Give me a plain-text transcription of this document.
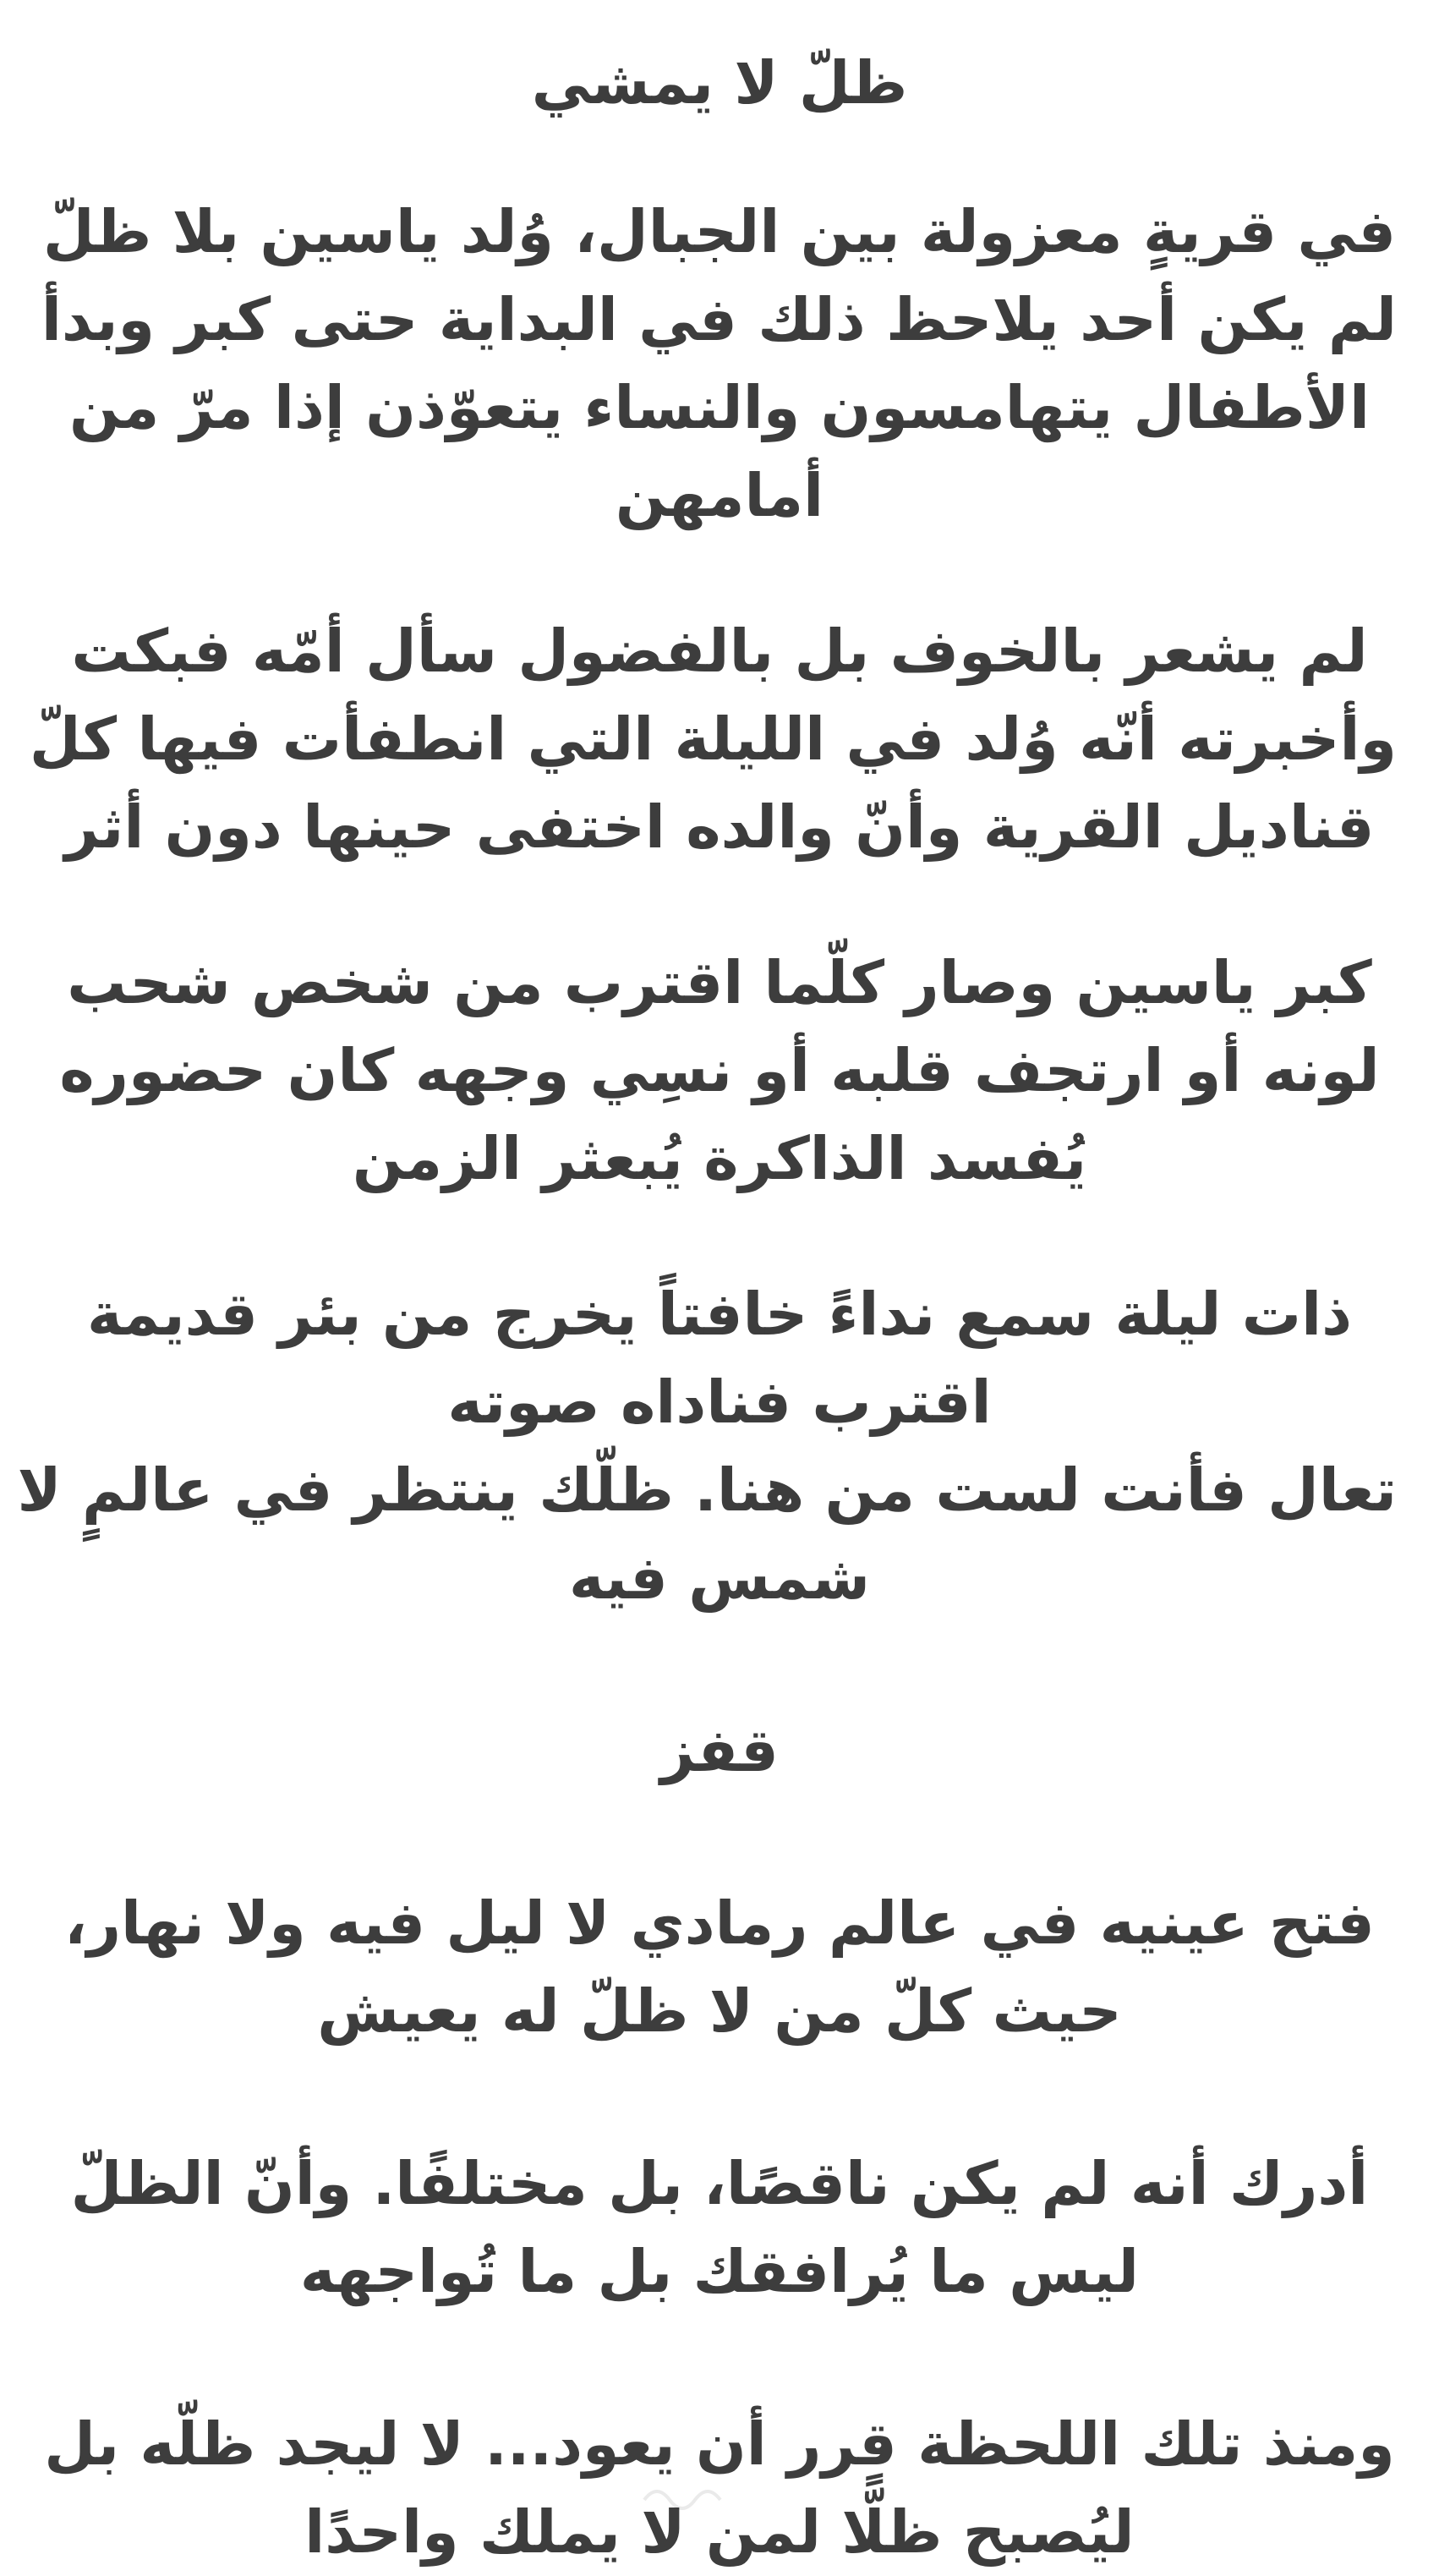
ظلّ لا يمشي
في قريةٍ معزولة بين الجبال، وُلد ياسين بلا ظلّ
لم يكن أحد يلاحظ ذلك في البداية حتى كبر وبدأ
الأطفال يتهامسون والنساء يتعوّذن إذا مرّ من
أمامهن
لم يشعر بالخوف بل بالفضول سأل أمّه فبكت
وأخبرته أنّه وُلد في الليلة التي انطفأت فيها كلّ
قناديل القرية وأنّ والده اختفى حينها دون أثر
كبر ياسين وصار كلّما اقترب من شخص شحب
لونه أو ارتجف قلبه أو نسِي وجهه كان حضوره
يُفسد الذاكرة يُبعثر الزمن
ذات ليلة سمع نداءً خافتاً يخرج من بئر قديمة
اقترب فناداه صوته
تعال فأنت لست من هنا. ظلّك ينتظر في عالمٍ لا
شمس فيه
قفز
فتح عينيه في عالم رمادي لا ليل فيه ولا نهار،
حيث كلّ من لا ظلّ له يعيش
أدرك أنه لم يكن ناقصًا، بل مختلفًا. وأنّ الظلّ
ليس ما يُرافقك بل ما تُواجهه
ومنذ تلك اللحظة قرر أن يعود... لا ليجد ظلّه بل
ليُصبح ظلًّا لمن لا يملك واحدًا
